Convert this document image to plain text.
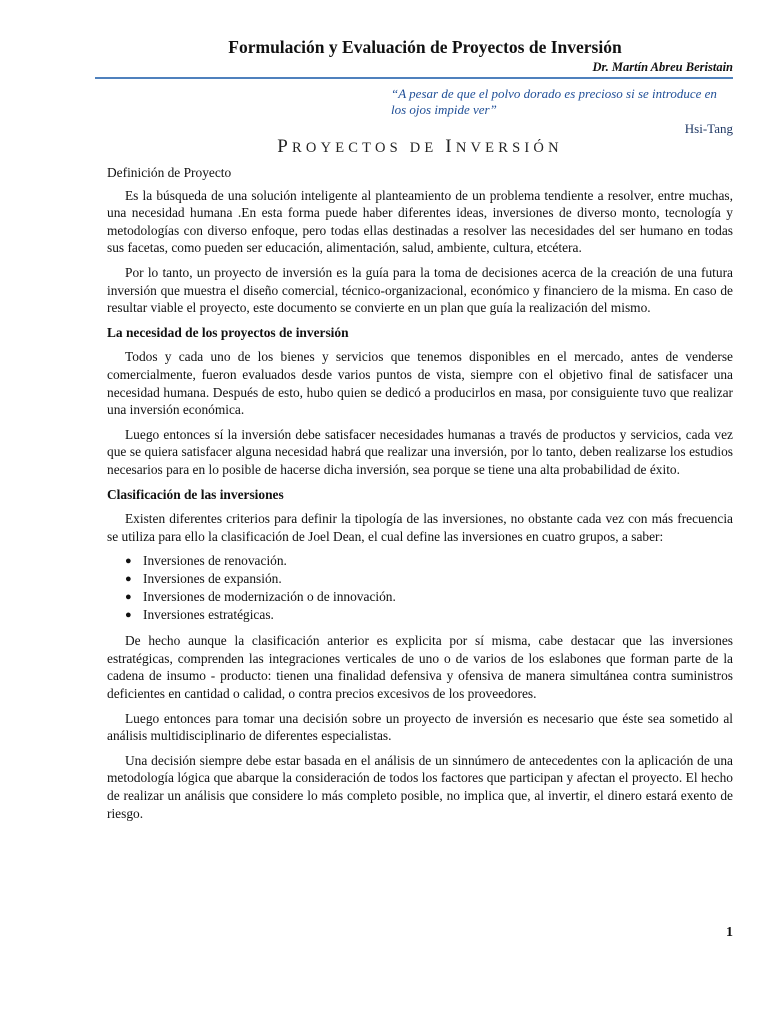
Formulación y Evaluación de Proyectos de Inversión

Dr. Martín Abreu Beristain

“A pesar de que el polvo dorado es precioso si se introduce en los ojos impide ver”

Hsi-Tang

PROYECTOS DE INVERSIÓN

Definición de Proyecto

Es la búsqueda de una solución inteligente al planteamiento de un problema tendiente a resolver, entre muchas, una necesidad humana .En esta forma puede haber diferentes ideas, inversiones de diverso monto, tecnología y metodologías con diverso enfoque, pero todas ellas destinadas a resolver las necesidades del ser humano en todas sus facetas, como pueden ser educación, alimentación, salud, ambiente, cultura, etcétera.

Por lo tanto, un proyecto de inversión es la guía para la toma de decisiones acerca de la creación de una futura inversión que muestra el diseño comercial, técnico-organizacional, económico y financiero de la misma. En caso de resultar viable el proyecto, este documento se convierte en un plan que guía la realización del mismo.

La necesidad de los proyectos de inversión

Todos y cada uno de los bienes y servicios que tenemos disponibles en el mercado, antes de venderse comercialmente, fueron evaluados desde varios puntos de vista, siempre con el objetivo final de satisfacer una necesidad humana. Después de esto, hubo quien se dedicó a producirlos en masa, por consiguiente tuvo que realizar una inversión económica.

Luego entonces sí la inversión debe satisfacer necesidades humanas a través de productos y servicios, cada vez que se quiera satisfacer alguna necesidad habrá que realizar una inversión, por lo tanto, deben realizarse los estudios necesarios para en lo posible de hacerse dicha inversión, sea porque se tiene una alta probabilidad de éxito.

Clasificación de las inversiones

Existen diferentes criterios para definir la tipología de las inversiones, no obstante cada vez con más frecuencia se utiliza para ello la clasificación de Joel Dean, el cual define las inversiones en cuatro grupos, a saber:

● Inversiones de renovación.
● Inversiones de expansión.
● Inversiones de modernización o de innovación.
● Inversiones estratégicas.

De hecho aunque la clasificación anterior es explicita por sí misma, cabe destacar que las inversiones estratégicas, comprenden las integraciones verticales de uno o de varios de los eslabones que forman parte de la cadena de insumo - producto: tienen una finalidad defensiva y ofensiva de manera simultánea contra suministros deficientes en cantidad o calidad, o contra precios excesivos de los proveedores.

Luego entonces para tomar una decisión sobre un proyecto de inversión es necesario que éste sea sometido al análisis multidisciplinario de diferentes especialistas.

Una decisión siempre debe estar basada en el análisis de un sinnúmero de antecedentes con la aplicación de una metodología lógica que abarque la consideración de todos los factores que participan y afectan el proyecto. El hecho de realizar un análisis que considere lo más completo posible, no implica que, al invertir, el dinero estará exento de riesgo.

1
